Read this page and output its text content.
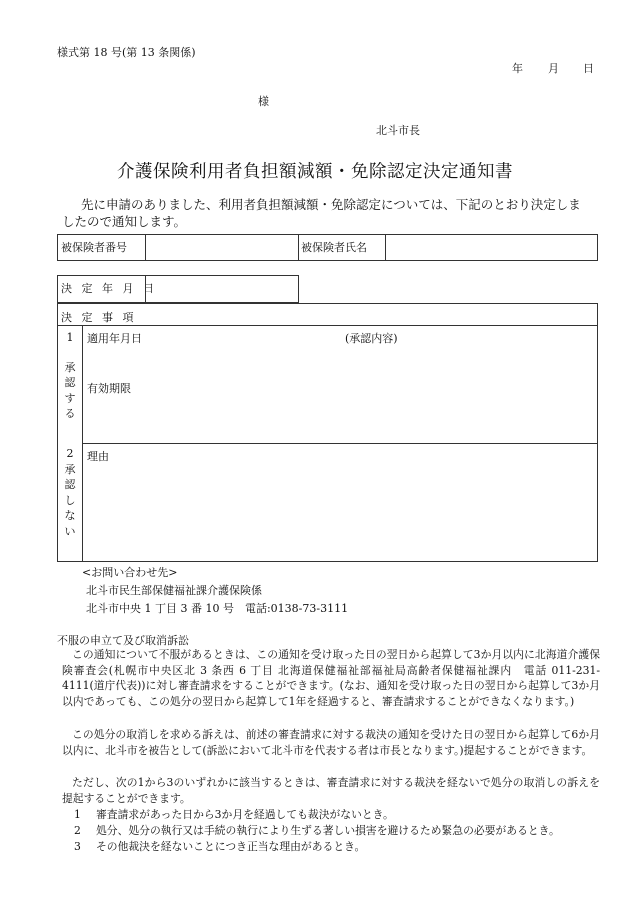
様式第 18 号(第 13 条関係)
年 月 日
様
北斗市長
介護保険利用者負担額減額・免除認定決定通知書
先に申請のありました、利用者負担額減額・免除認定については、下記のとおり決定しましたので通知します。
被保険者番号	被保険者氏名
決 定 年 月 日
決 定 事 項
1
承
認
す
る
適用年月日	(承認内容)
有効期限
2
承
認
し
な
い
理由
<お問い合わせ先>
北斗市民生部保健福祉課介護保険係
北斗市中央 1 丁目 3 番 10 号　電話:0138-73-3111
不服の申立て及び取消訴訟
この通知について不服があるときは、この通知を受け取った日の翌日から起算して3か月以内に北海道介護保険審査会(札幌市中央区北 3 条西 6 丁目 北海道保健福祉部福祉局高齢者保健福祉課内　電話 011-231-4111(道庁代表))に対し審査請求をすることができます。(なお、通知を受け取った日の翌日から起算して3か月以内であっても、この処分の翌日から起算して1年を経過すると、審査請求することができなくなります。)
この処分の取消しを求める訴えは、前述の審査請求に対する裁決の通知を受けた日の翌日から起算して6か月以内に、北斗市を被告として(訴訟において北斗市を代表する者は市長となります。)提起することができます。
ただし、次の1から3のいずれかに該当するときは、審査請求に対する裁決を経ないで処分の取消しの訴えを提起することができます。
1 審査請求があった日から3か月を経過しても裁決がないとき。
2 処分、処分の執行又は手続の執行により生ずる著しい損害を避けるため緊急の必要があるとき。
3 その他裁決を経ないことにつき正当な理由があるとき。
